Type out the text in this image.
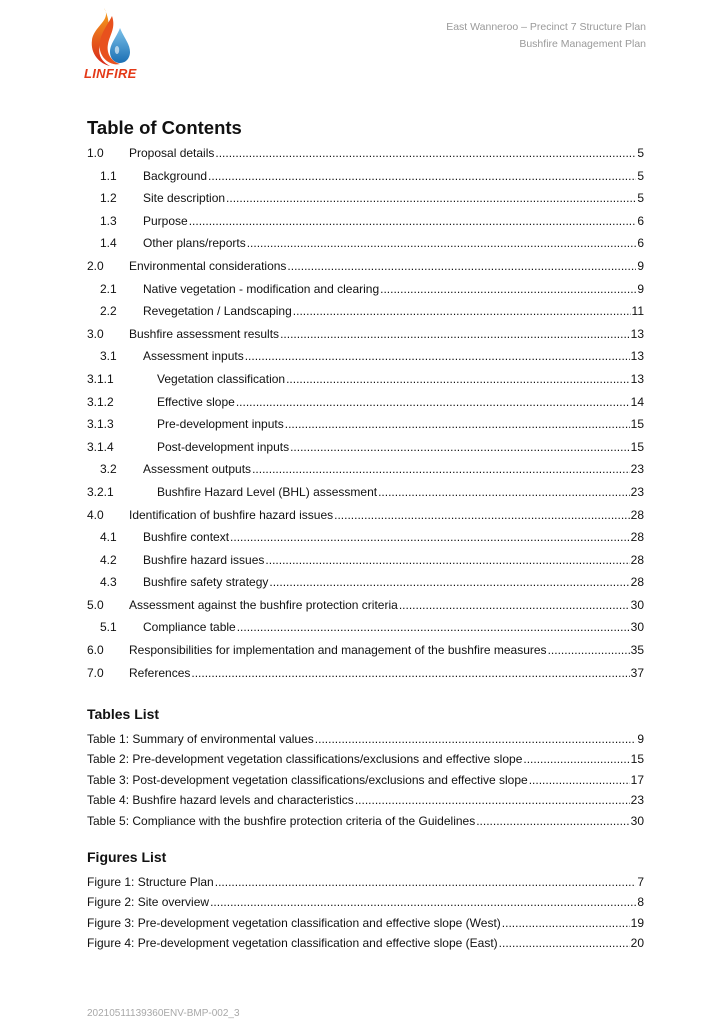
LINFIRE
East Wanneroo – Precinct 7 Structure Plan
Bushfire Management Plan
Table of Contents
1.0 Proposal details .....	5
1.1 Background .....	5
1.2 Site description .....	5
1.3 Purpose .....	6
1.4 Other plans/reports .....	6
2.0 Environmental considerations .....	9
2.1 Native vegetation - modification and clearing .....	9
2.2 Revegetation / Landscaping .....	11
3.0 Bushfire assessment results .....	13
3.1 Assessment inputs .....	13
3.1.1	Vegetation classification .....	13
3.1.2	Effective slope .....	14
3.1.3	Pre-development inputs .....	15
3.1.4	Post-development inputs .....	15
3.2 Assessment outputs .....	23
3.2.1	Bushfire Hazard Level (BHL) assessment .....	23
4.0 Identification of bushfire hazard issues .....	28
4.1 Bushfire context .....	28
4.2 Bushfire hazard issues .....	28
4.3 Bushfire safety strategy .....	28
5.0 Assessment against the bushfire protection criteria .....	30
5.1 Compliance table .....	30
6.0 Responsibilities for implementation and management of the bushfire measures .....	35
7.0 References .....	37
Tables List
Table 1: Summary of environmental values .....	9
Table 2: Pre-development vegetation classifications/exclusions and effective slope .....	15
Table 3: Post-development vegetation classifications/exclusions and effective slope .....	17
Table 4: Bushfire hazard levels and characteristics .....	23
Table 5: Compliance with the bushfire protection criteria of the Guidelines .....	30
Figures List
Figure 1: Structure Plan .....	7
Figure 2: Site overview .....	8
Figure 3: Pre-development vegetation classification and effective slope (West) .....	19
Figure 4: Pre-development vegetation classification and effective slope (East) .....	20
20210511139360ENV-BMP-002_3
